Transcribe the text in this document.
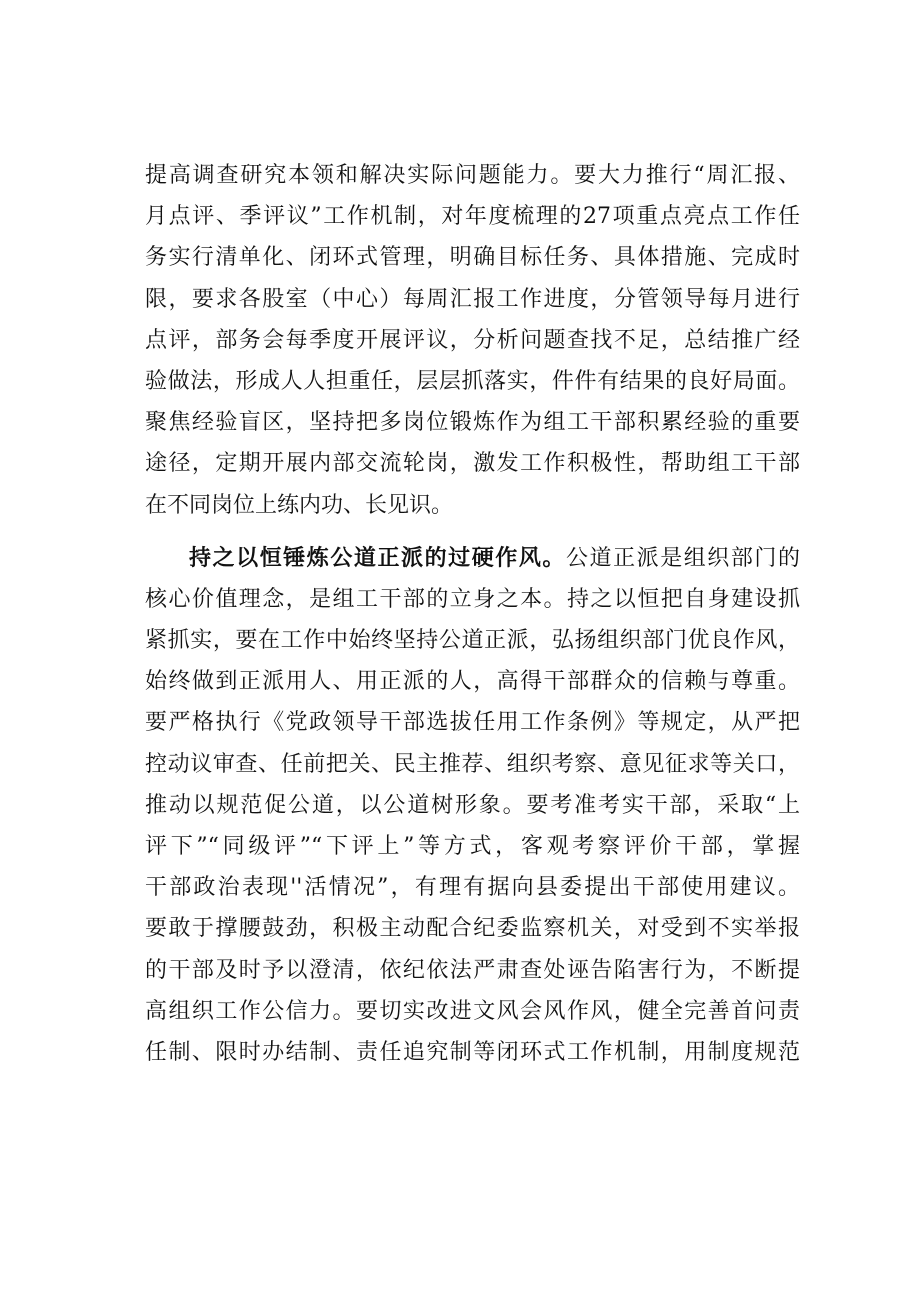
提高调查研究本领和解决实际问题能力。要大力推行“周汇报、
月点评、季评议”工作机制，对年度梳理的27项重点亮点工作任
务实行清单化、闭环式管理，明确目标任务、具体措施、完成时
限，要求各股室（中心）每周汇报工作进度，分管领导每月进行
点评，部务会每季度开展评议，分析问题查找不足，总结推广经
验做法，形成人人担重任，层层抓落实，件件有结果的良好局面。
聚焦经验盲区，坚持把多岗位锻炼作为组工干部积累经验的重要
途径，定期开展内部交流轮岗，激发工作积极性，帮助组工干部
在不同岗位上练内功、长见识。
持之以恒锤炼公道正派的过硬作风。公道正派是组织部门的
核心价值理念，是组工干部的立身之本。持之以恒把自身建设抓
紧抓实，要在工作中始终坚持公道正派，弘扬组织部门优良作风，
始终做到正派用人、用正派的人，高得干部群众的信赖与尊重。
要严格执行《党政领导干部选拔任用工作条例》等规定，从严把
控动议审查、任前把关、民主推荐、组织考察、意见征求等关口，
推动以规范促公道，以公道树形象。要考准考实干部，采取“上
评下”“同级评”“下评上”等方式，客观考察评价干部，掌握
干部政治表现''活情况”，有理有据向县委提出干部使用建议。
要敢于撑腰鼓劲，积极主动配合纪委监察机关，对受到不实举报
的干部及时予以澄清，依纪依法严肃查处诬告陷害行为，不断提
高组织工作公信力。要切实改进文风会风作风，健全完善首问责
任制、限时办结制、责任追究制等闭环式工作机制，用制度规范
